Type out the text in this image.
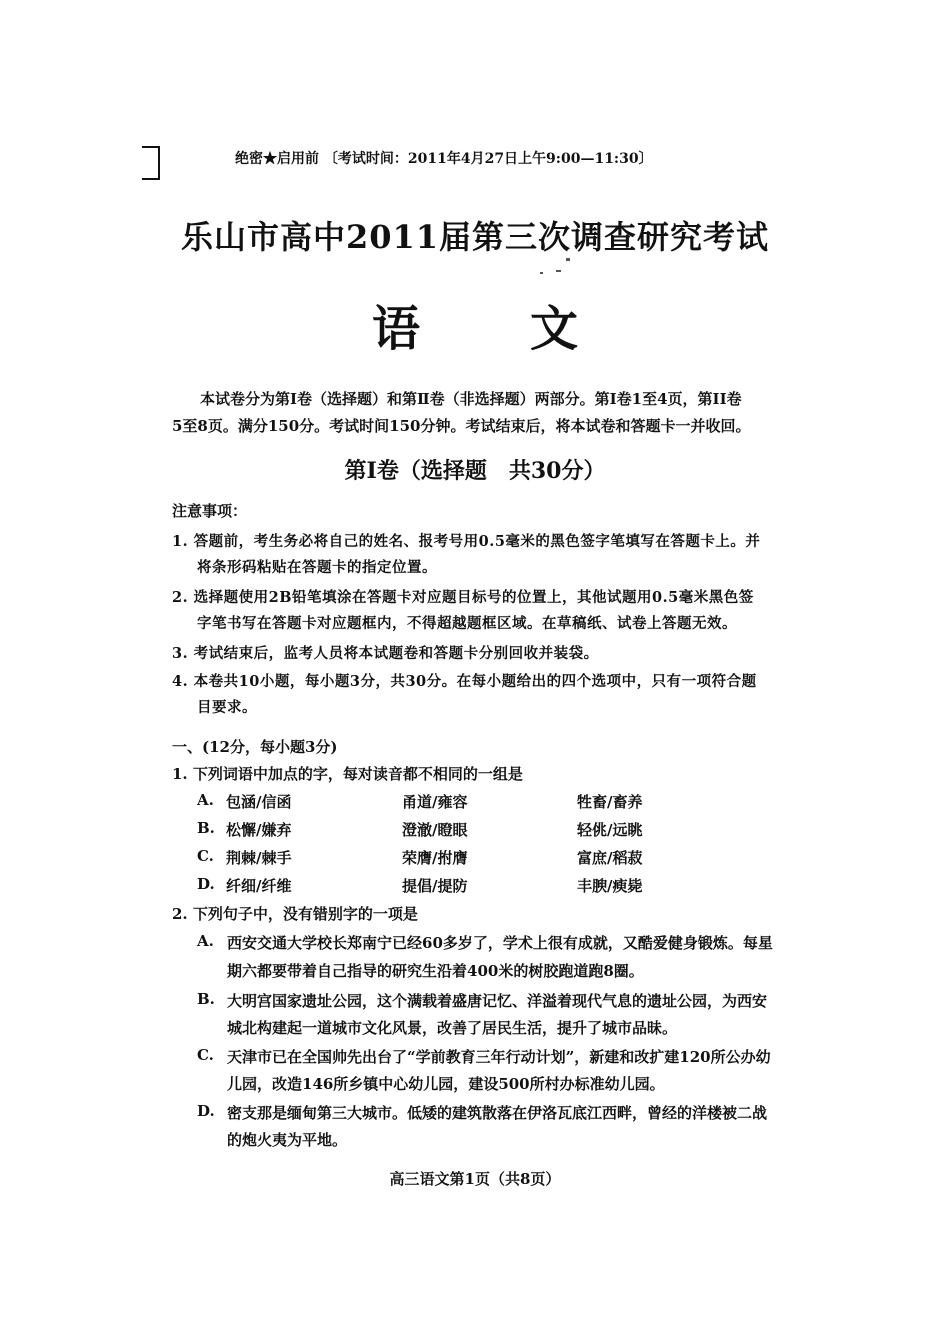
绝密★启用前 〔考试时间：2011年4月27日上午9:00—11:30〕
乐山市高中2011届第三次调查研究考试
语文
本试卷分为第Ⅰ卷（选择题）和第Ⅱ卷（非选择题）两部分。第Ⅰ卷1至4页，第II卷
5至8页。满分150分。考试时间150分钟。考试结束后，将本试卷和答题卡一并收回。
第Ⅰ卷（选择题　共30分）
注意事项：
1. 答题前，考生务必将自己的姓名、报考号用0.5毫米的黑色签字笔填写在答题卡上。并
将条形码粘贴在答题卡的指定位置。
2. 选择题使用2B铅笔填涂在答题卡对应题目标号的位置上，其他试题用0.5毫米黑色签
字笔书写在答题卡对应题框内，不得超越题框区域。在草稿纸、试卷上答题无效。
3. 考试结束后，监考人员将本试题卷和答题卡分别回收并装袋。
4. 本卷共10小题，每小题3分，共30分。在每小题给出的四个选项中，只有一项符合题
目要求。
一、(12分，每小题3分)
1. 下列词语中加点的字，每对读音都不相同的一组是
A. 包涵/信函	甬道/雍容	牲畜/畜养
B. 松懈/嫌弃	澄澈/瞪眼	轻佻/远眺
C. 荆棘/棘手	荣膺/拊膺	富庶/稻菽
D. 纤细/纤维	提倡/提防	丰腴/瘐毙
2. 下列句子中，没有错别字的一项是
A. 西安交通大学校长郑南宁已经60多岁了，学术上很有成就，又酷爱健身锻炼。每星
期六都要带着自己指导的研究生沿着400米的树胶跑道跑8圈。
B. 大明宫国家遗址公园，这个满载着盛唐记忆、洋溢着现代气息的遗址公园，为西安
城北构建起一道城市文化风景，改善了居民生活，提升了城市品昧。
C. 天津市已在全国帅先出台了“学前教育三年行动计划”，新建和改扩建120所公办幼
儿园，改造146所乡镇中心幼儿园，建设500所村办标准幼儿园。
D. 密支那是缅甸第三大城市。低矮的建筑散落在伊洛瓦底江西畔，曾经的洋楼被二战
的炮火夷为平地。
高三语文第1页（共8页）
